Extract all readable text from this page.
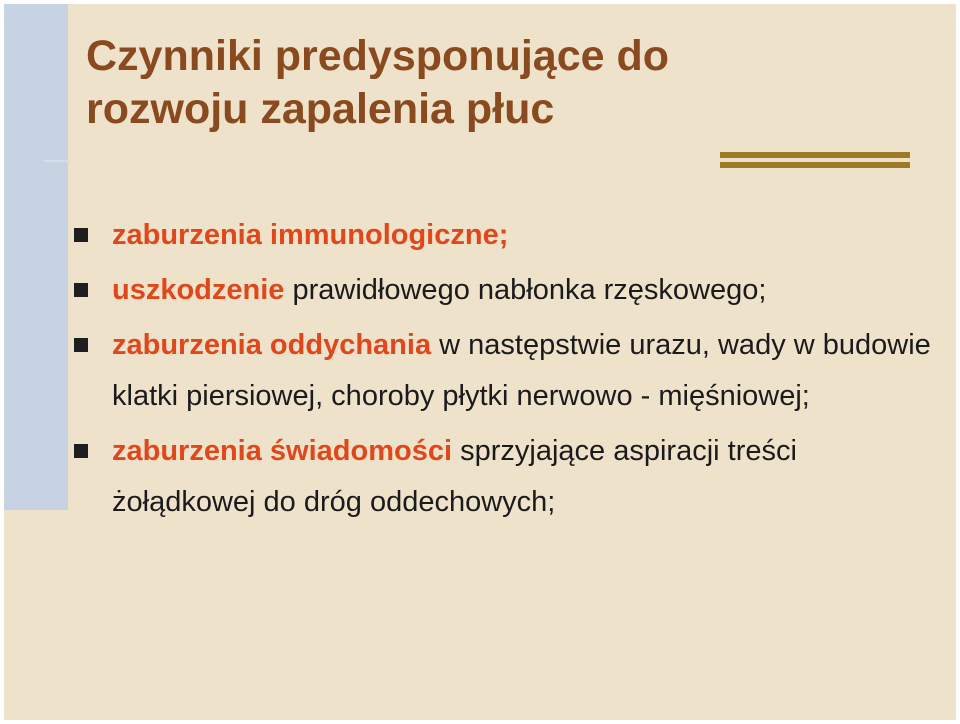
Czynniki predysponujące do
rozwoju zapalenia płuc
zaburzenia immunologiczne;
uszkodzenie prawidłowego nabłonka rzęskowego;
zaburzenia oddychania w następstwie urazu, wady w budowie klatki piersiowej, choroby płytki nerwowo - mięśniowej;
zaburzenia świadomości sprzyjające aspiracji treści żołądkowej do dróg oddechowych;
